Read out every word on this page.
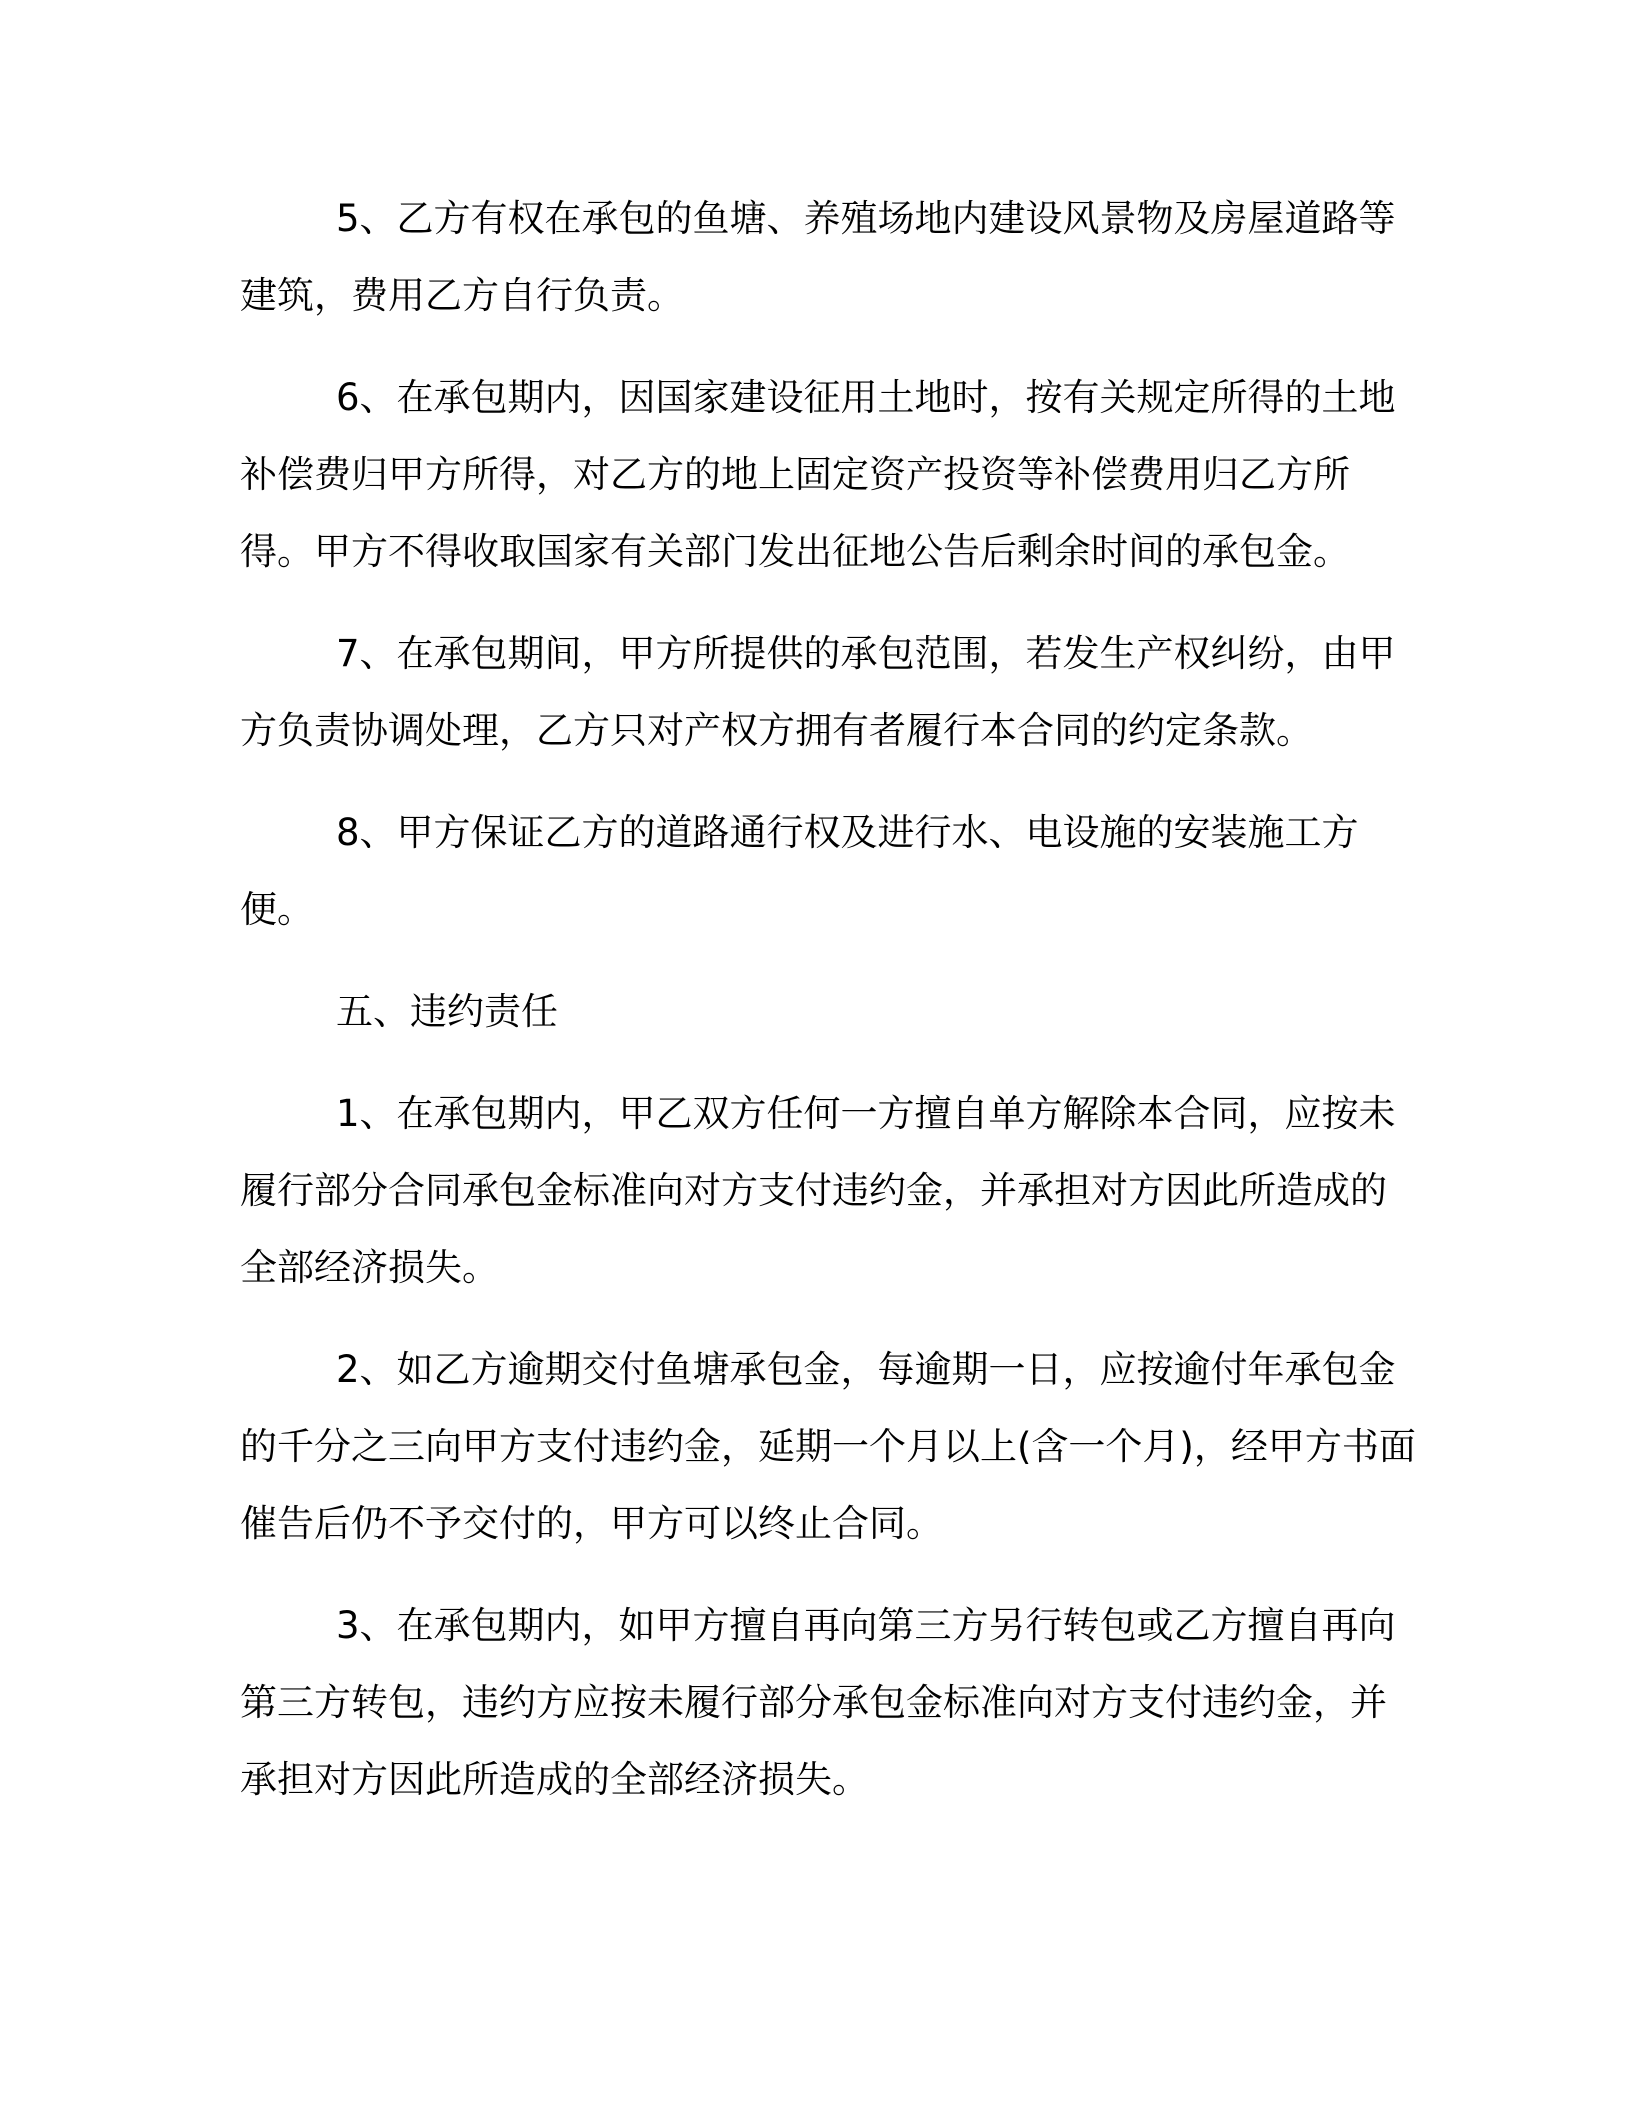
5、乙方有权在承包的鱼塘、养殖场地内建设风景物及房屋道路等建筑，费用乙方自行负责。

6、在承包期内，因国家建设征用土地时，按有关规定所得的土地补偿费归甲方所得，对乙方的地上固定资产投资等补偿费用归乙方所得。甲方不得收取国家有关部门发出征地公告后剩余时间的承包金。

7、在承包期间，甲方所提供的承包范围，若发生产权纠纷，由甲方负责协调处理，乙方只对产权方拥有者履行本合同的约定条款。

8、甲方保证乙方的道路通行权及进行水、电设施的安装施工方便。

五、违约责任

1、在承包期内，甲乙双方任何一方擅自单方解除本合同，应按未履行部分合同承包金标准向对方支付违约金，并承担对方因此所造成的全部经济损失。

2、如乙方逾期交付鱼塘承包金，每逾期一日，应按逾付年承包金的千分之三向甲方支付违约金，延期一个月以上(含一个月)，经甲方书面催告后仍不予交付的，甲方可以终止合同。

3、在承包期内，如甲方擅自再向第三方另行转包或乙方擅自再向第三方转包，违约方应按未履行部分承包金标准向对方支付违约金，并承担对方因此所造成的全部经济损失。
